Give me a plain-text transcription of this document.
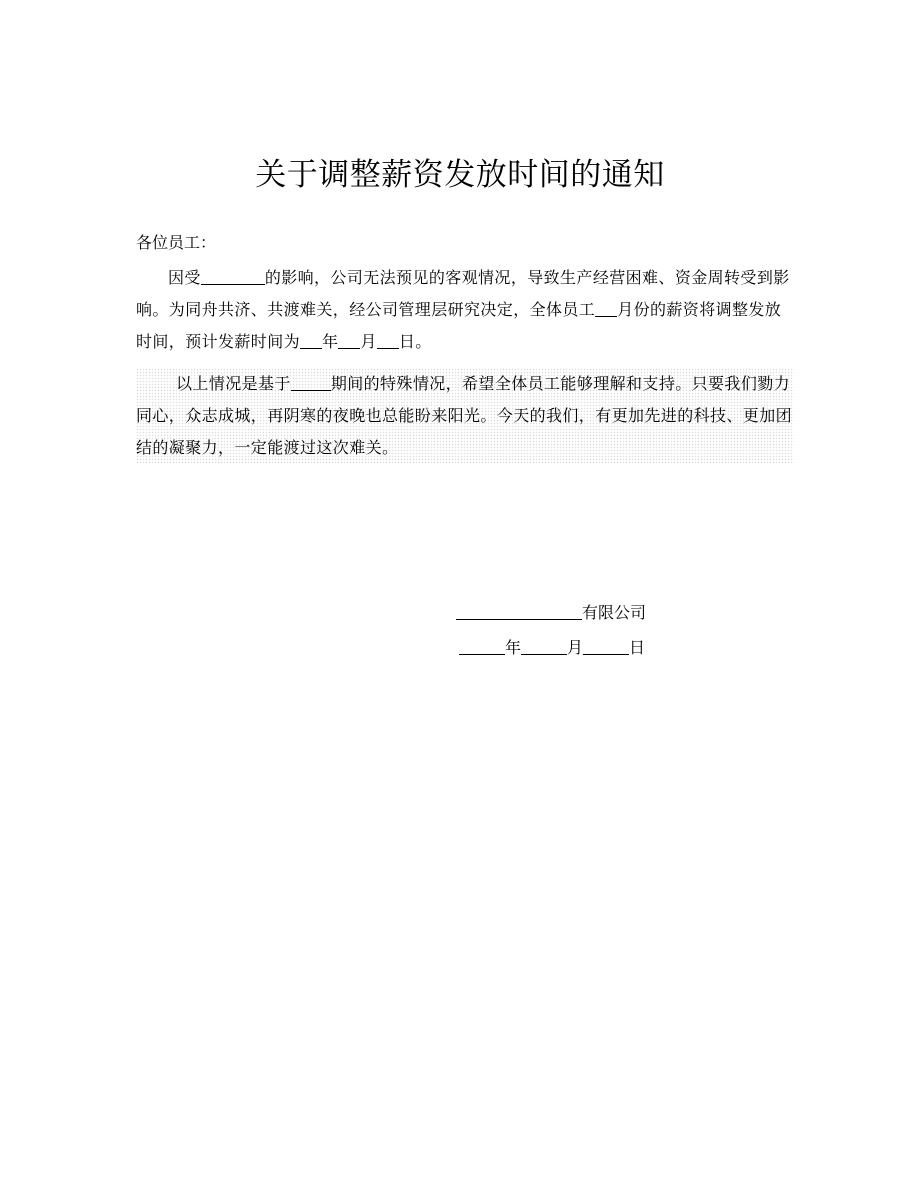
关于调整薪资发放时间的通知
各位员工：
因受	的影响，公司无法预见的客观情况，导致生产经营困难、资金周转受到影响。为同舟共济、共渡难关，经公司管理层研究决定，全体员工 月份的薪资将调整发放时间，预计发薪时间为 年 月 日。
以上情况是基于	期间的特殊情况，希望全体员工能够理解和支持。只要我们勠力同心，众志成城，再阴寒的夜晚也总能盼来阳光。今天的我们，有更加先进的科技、更加团结的凝聚力，一定能渡过这次难关。
有限公司
年	月	日
